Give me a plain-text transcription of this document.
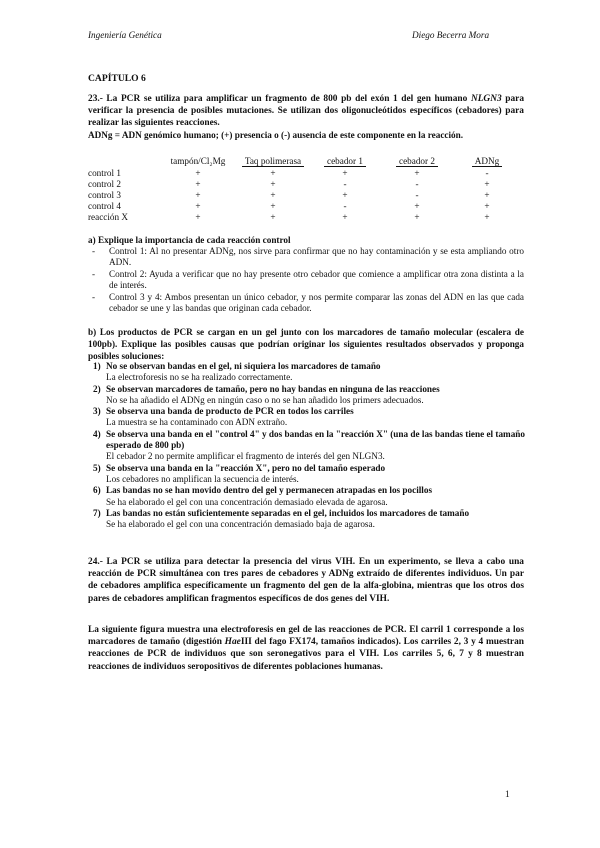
Ingeniería Genética	Diego Becerra Mora
CAPÍTULO 6
23.- La PCR se utiliza para amplificar un fragmento de 800 pb del exón 1 del gen humano NLGN3 para verificar la presencia de posibles mutaciones. Se utilizan dos oligonucleótidos específicos (cebadores) para realizar las siguientes reacciones.
ADNg = ADN genómico humano; (+) presencia o (-) ausencia de este componente en la reacción.
	tampón/Cl₂Mg	Taq polimerasa	cebador 1	cebador 2	ADNg
control 1	+	+	+	+	-
control 2	+	+	-	-	+
control 3	+	+	+	-	+
control 4	+	+	-	+	+
reacción X	+	+	+	+	+
a) Explique la importancia de cada reacción control
- Control 1: Al no presentar ADNg, nos sirve para confirmar que no hay contaminación y se esta ampliando otro ADN.
- Control 2: Ayuda a verificar que no hay presente otro cebador que comience a amplificar otra zona distinta a la de interés.
- Control 3 y 4: Ambos presentan un único cebador, y nos permite comparar las zonas del ADN en las que cada cebador se une y las bandas que originan cada cebador.
b) Los productos de PCR se cargan en un gel junto con los marcadores de tamaño molecular (escalera de 100pb). Explique las posibles causas que podrían originar los siguientes resultados observados y proponga posibles soluciones:
1) No se observan bandas en el gel, ni siquiera los marcadores de tamaño
La electroforesis no se ha realizado correctamente.
2) Se observan marcadores de tamaño, pero no hay bandas en ninguna de las reacciones
No se ha añadido el ADNg en ningún caso o no se han añadido los primers adecuados.
3) Se observa una banda de producto de PCR en todos los carriles
La muestra se ha contaminado con ADN extraño.
4) Se observa una banda en el "control 4" y dos bandas en la "reacción X" (una de las bandas tiene el tamaño esperado de 800 pb)
El cebador 2 no permite amplificar el fragmento de interés del gen NLGN3.
5) Se observa una banda en la "reacción X", pero no del tamaño esperado
Los cebadores no amplifican la secuencia de interés.
6) Las bandas no se han movido dentro del gel y permanecen atrapadas en los pocillos
Se ha elaborado el gel con una concentración demasiado elevada de agarosa.
7) Las bandas no están suficientemente separadas en el gel, incluidos los marcadores de tamaño
Se ha elaborado el gel con una concentración demasiado baja de agarosa.
24.- La PCR se utiliza para detectar la presencia del virus VIH. En un experimento, se lleva a cabo una reacción de PCR simultánea con tres pares de cebadores y ADNg extraído de diferentes individuos. Un par de cebadores amplifica específicamente un fragmento del gen de la alfa-globina, mientras que los otros dos pares de cebadores amplifican fragmentos específicos de dos genes del VIH.
La siguiente figura muestra una electroforesis en gel de las reacciones de PCR. El carril 1 corresponde a los marcadores de tamaño (digestión HaeIII del fago FX174, tamaños indicados). Los carriles 2, 3 y 4 muestran reacciones de PCR de individuos que son seronegativos para el VIH. Los carriles 5, 6, 7 y 8 muestran reacciones de individuos seropositivos de diferentes poblaciones humanas.
1
